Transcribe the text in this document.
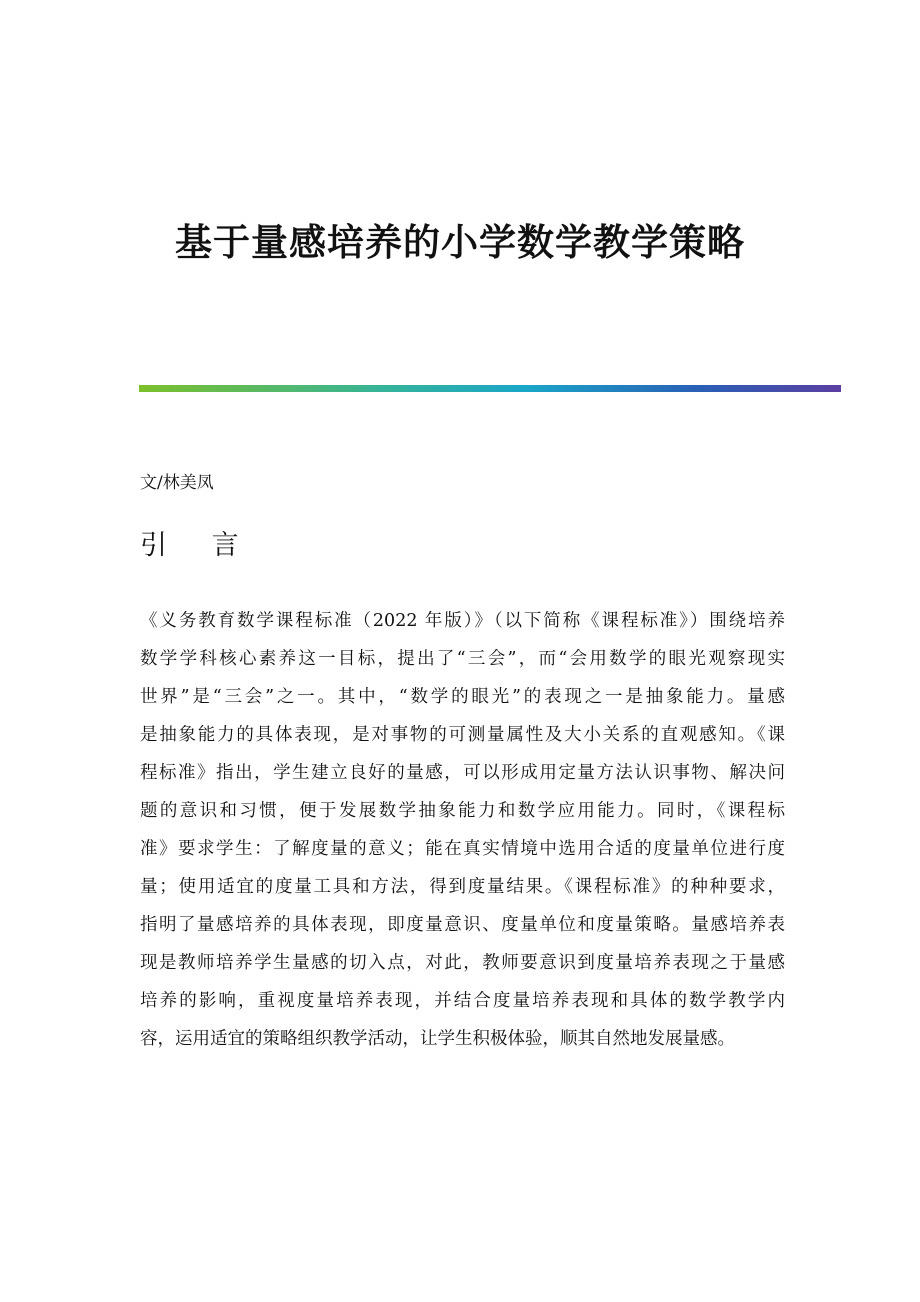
基于量感培养的小学数学教学策略
文/林美凤
引 言
《义务教育数学课程标准（2022 年版）》（以下简称《课程标准》）围绕培养
数学学科核心素养这一目标，提出了“三会”，而“会用数学的眼光观察现实
世界”是“三会”之一。其中，“数学的眼光”的表现之一是抽象能力。量感
是抽象能力的具体表现，是对事物的可测量属性及大小关系的直观感知。《课
程标准》指出，学生建立良好的量感，可以形成用定量方法认识事物、解决问
题的意识和习惯，便于发展数学抽象能力和数学应用能力。同时，《课程标
准》要求学生：了解度量的意义；能在真实情境中选用合适的度量单位进行度
量；使用适宜的度量工具和方法，得到度量结果。《课程标准》的种种要求，
指明了量感培养的具体表现，即度量意识、度量单位和度量策略。量感培养表
现是教师培养学生量感的切入点，对此，教师要意识到度量培养表现之于量感
培养的影响，重视度量培养表现，并结合度量培养表现和具体的数学教学内
容，运用适宜的策略组织教学活动，让学生积极体验，顺其自然地发展量感。
